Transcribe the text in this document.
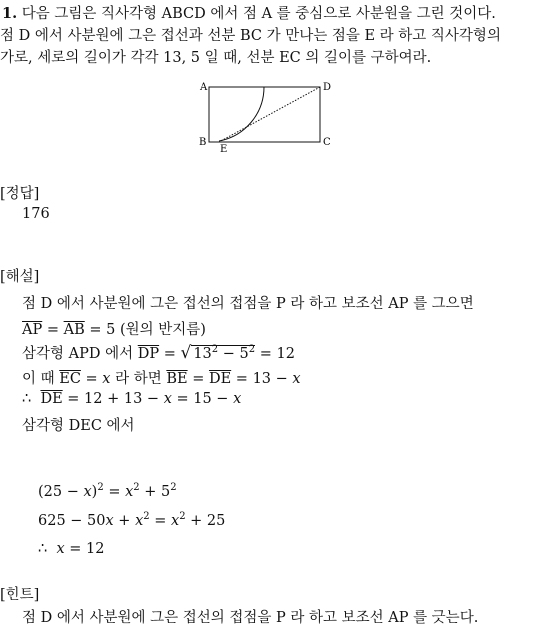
1. 다음 그림은 직사각형 ABCD 에서 점 A 를 중심으로 사분원을 그린 것이다.
점 D 에서 사분원에 그은 접선과 선분 BC 가 만나는 점을 E 라 하고 직사각형의
가로, 세로의 길이가 각각 13, 5 일 때, 선분 EC 의 길이를 구하여라.
A	D
B	C
E
[정답]
176
[해설]
점 D 에서 사분원에 그은 접선의 접점을 P 라 하고 보조선 AP 를 그으면
$\overline{AP} = \overline{AB} = 5$ (원의 반지름)
삼각형 APD 에서 $\overline{DP}$ = √ $13^2 - 5^2 = 12$
이 때 $\overline{EC} = x$ 라 하면 $\overline{BE} = \overline{DE} = 13 - x$
∴ $\overline{DE} = 12 + 13 - x = 15 - x$
삼각형 DEC 에서
$(25 - x)^2 = x^2 + 5^2$
$625 - 50x + x^2 = x^2 + 25$
∴ x = 12
[힌트]
점 D 에서 사분원에 그은 접선의 접점을 P 라 하고 보조선 AP 를 긋는다.
